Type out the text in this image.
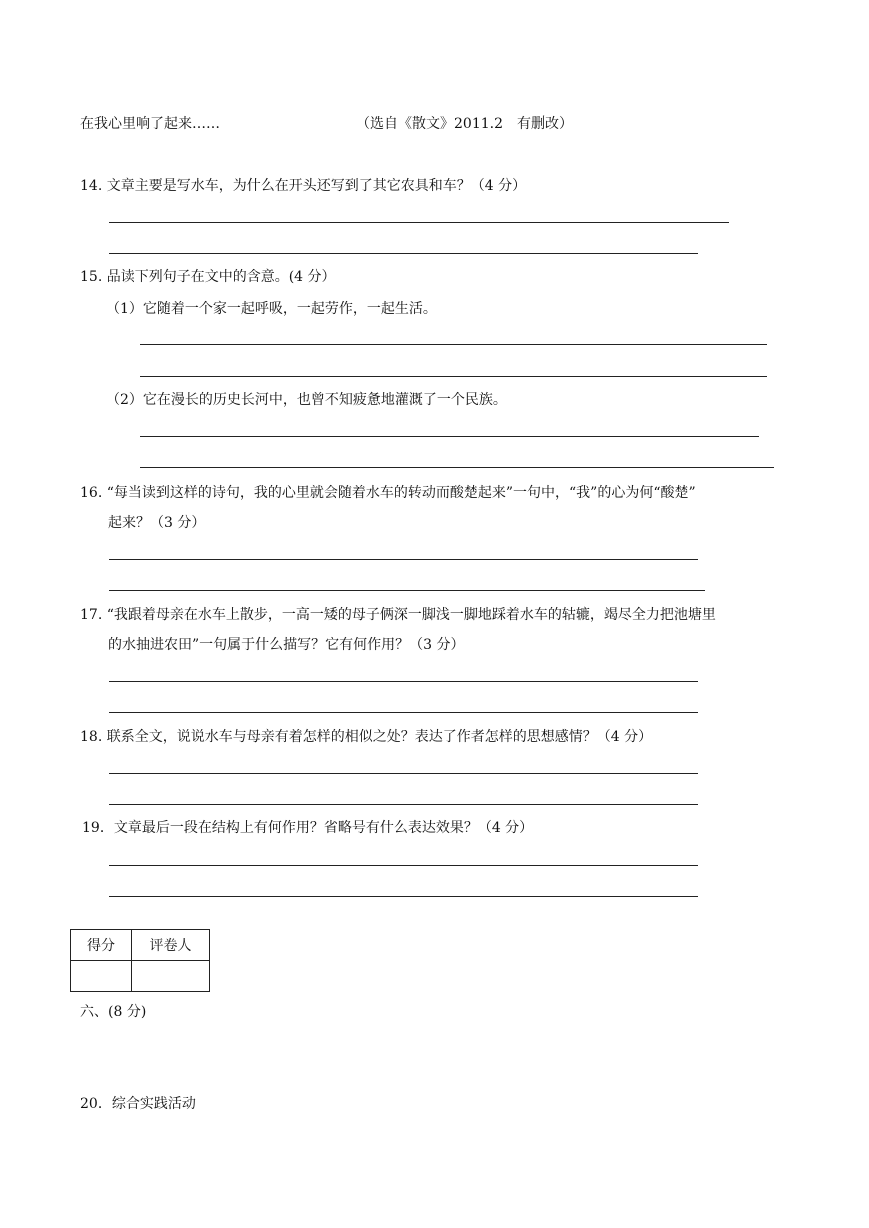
在我心里响了起来……	（选自《散文》2011.2　有删改）
14. 文章主要是写水车，为什么在开头还写到了其它农具和车？（4 分）
15. 品读下列句子在文中的含意。(4 分）
（1）它随着一个家一起呼吸，一起劳作，一起生活。
（2）它在漫长的历史长河中，也曾不知疲惫地灌溉了一个民族。
16. “每当读到这样的诗句，我的心里就会随着水车的转动而酸楚起来”一句中，“我”的心为何“酸楚”
起来？（3 分）
17. “我跟着母亲在水车上散步，一高一矮的母子俩深一脚浅一脚地踩着水车的轱辘，竭尽全力把池塘里
的水抽进农田”一句属于什么描写？它有何作用？（3 分）
18. 联系全文，说说水车与母亲有着怎样的相似之处？表达了作者怎样的思想感情？（4 分）
19．文章最后一段在结构上有何作用？省略号有什么表达效果？（4 分）
得分	评卷人

六、(8 分)
20．综合实践活动
